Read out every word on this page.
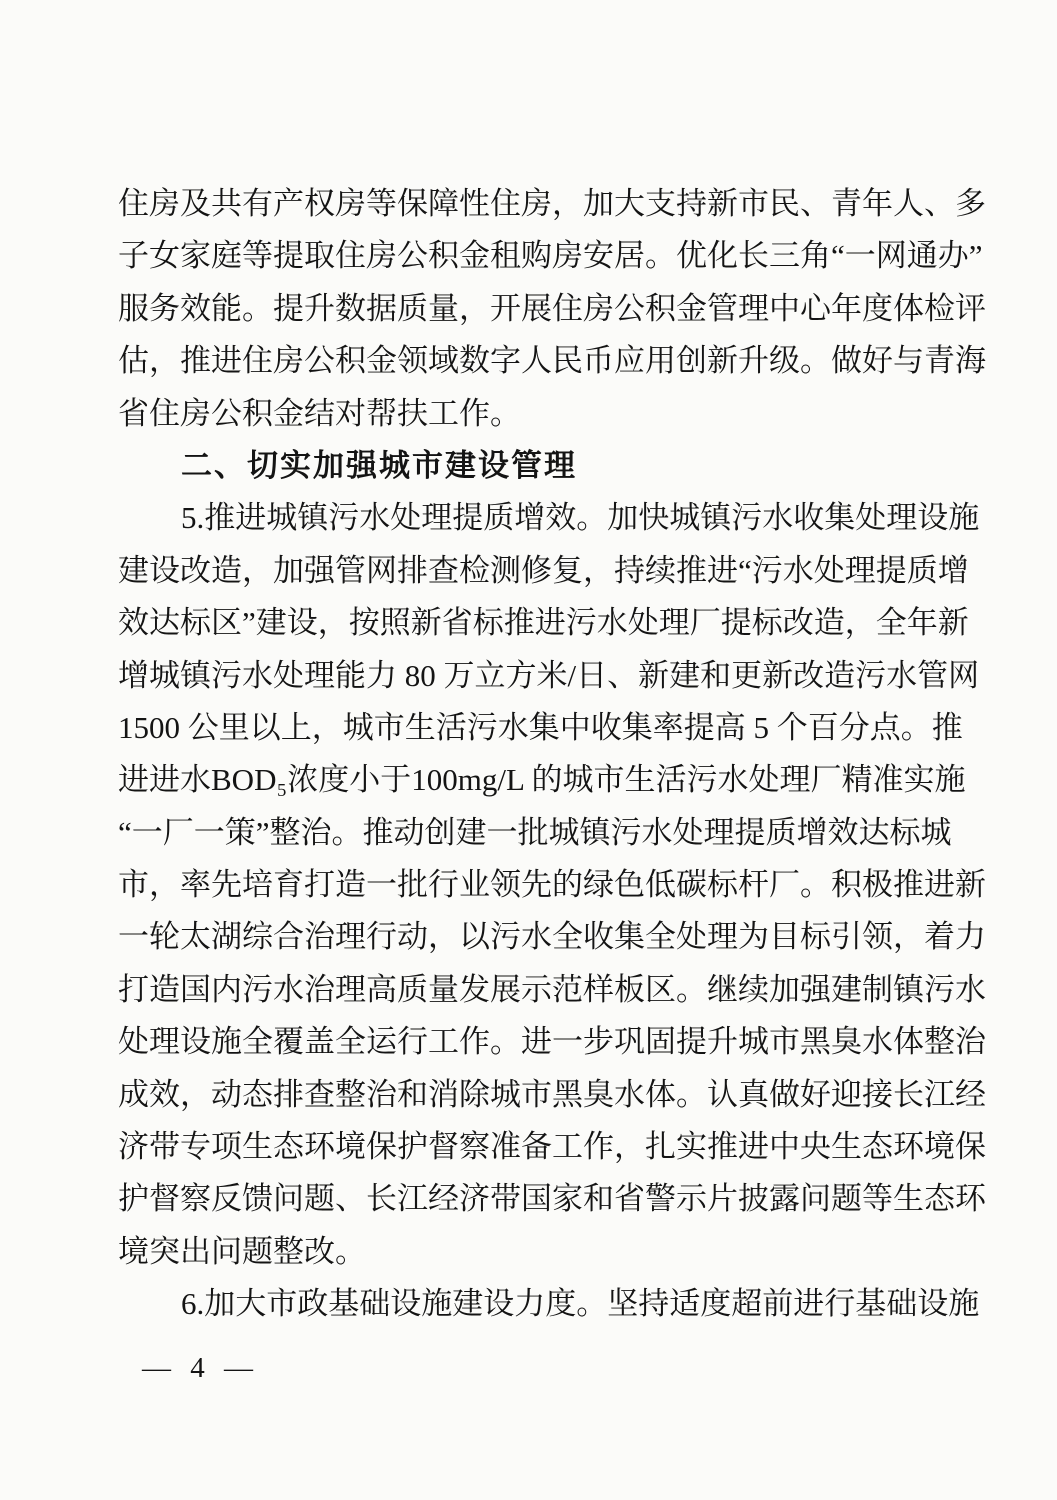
住房及共有产权房等保障性住房，加大支持新市民、青年人、多
子女家庭等提取住房公积金租购房安居。优化长三角“一网通办”
服务效能。提升数据质量，开展住房公积金管理中心年度体检评
估，推进住房公积金领域数字人民币应用创新升级。做好与青海
省住房公积金结对帮扶工作。
二、切实加强城市建设管理
5.推进城镇污水处理提质增效。加快城镇污水收集处理设施
建设改造，加强管网排查检测修复，持续推进“污水处理提质增
效达标区”建设，按照新省标推进污水处理厂提标改造，全年新
增城镇污水处理能力 80 万立方米/日、新建和更新改造污水管网
1500 公里以上，城市生活污水集中收集率提高 5 个百分点。推
进进水BOD₅浓度小于100mg/L 的城市生活污水处理厂精准实施
“一厂一策”整治。推动创建一批城镇污水处理提质增效达标城
市，率先培育打造一批行业领先的绿色低碳标杆厂。积极推进新
一轮太湖综合治理行动，以污水全收集全处理为目标引领，着力
打造国内污水治理高质量发展示范样板区。继续加强建制镇污水
处理设施全覆盖全运行工作。进一步巩固提升城市黑臭水体整治
成效，动态排查整治和消除城市黑臭水体。认真做好迎接长江经
济带专项生态环境保护督察准备工作，扎实推进中央生态环境保
护督察反馈问题、长江经济带国家和省警示片披露问题等生态环
境突出问题整改。
6.加大市政基础设施建设力度。坚持适度超前进行基础设施
— 4 —
